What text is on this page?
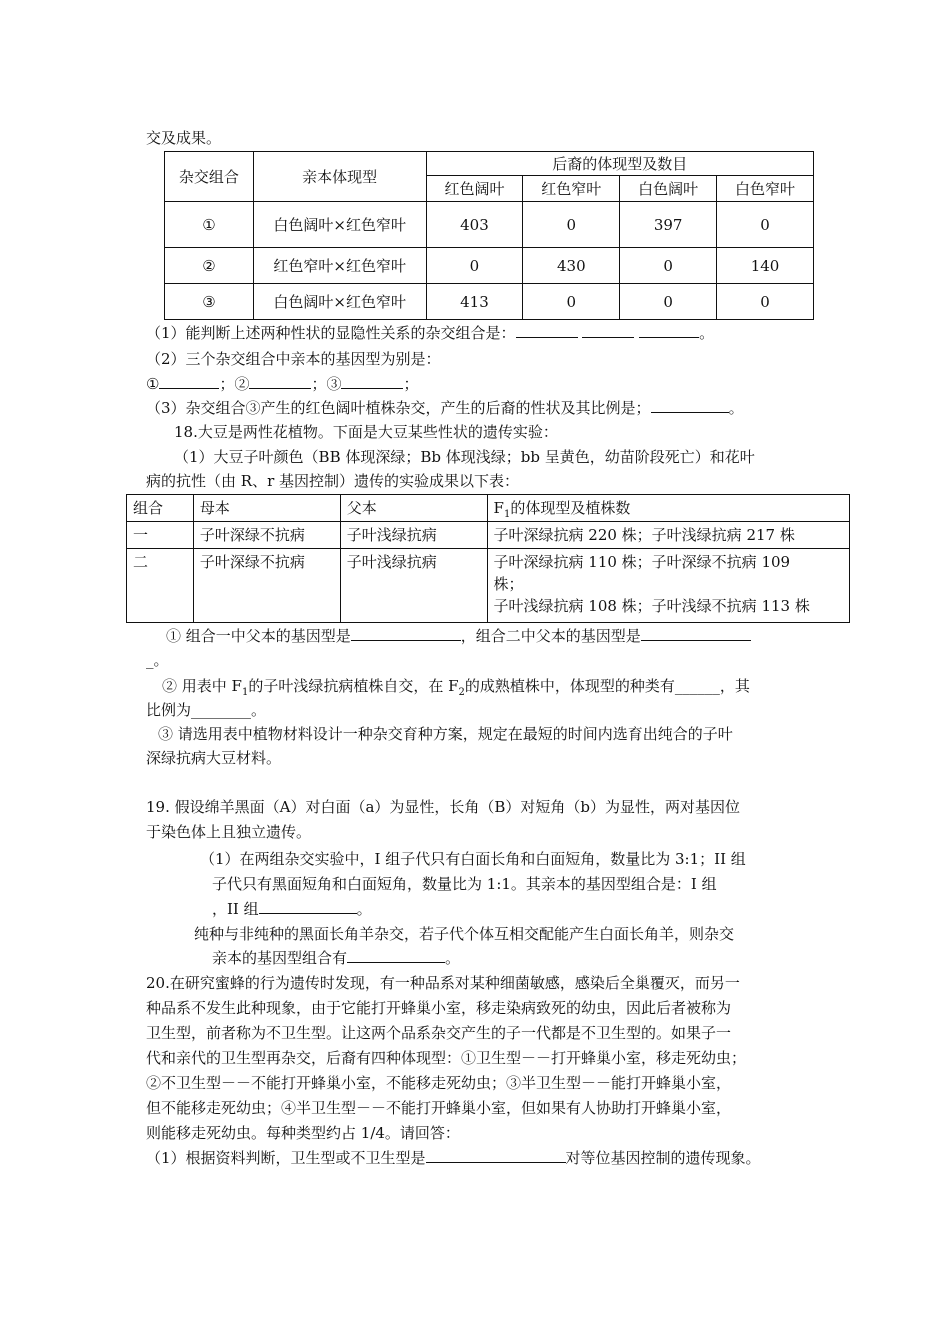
交及成果。
杂交组合	亲本体现型	后裔的体现型及数目			
		红色阔叶	红色窄叶	白色阔叶	白色窄叶
①	白色阔叶×红色窄叶	403	0	397	0
②	红色窄叶×红色窄叶	0	430	0	140
③	白色阔叶×红色窄叶	413	0	0	0
（1）能判断上述两种性状的显隐性关系的杂交组合是：	。
（2）三个杂交组合中亲本的基因型为别是：
①	；②	；③	；
（3）杂交组合③产生的红色阔叶植株杂交，产生的后裔的性状及其比例是；	。
18.大豆是两性花植物。下面是大豆某些性状的遗传实验：
（1）大豆子叶颜色（BB 体现深绿；Bb 体现浅绿；bb 呈黄色，幼苗阶段死亡）和花叶
病的抗性（由 R、r 基因控制）遗传的实验成果以下表：
组合	母本	父本	$F_1$的体现型及植株数
一	子叶深绿不抗病	子叶浅绿抗病	子叶深绿抗病 220 株；子叶浅绿抗病 217 株
二	子叶深绿不抗病	子叶浅绿抗病	子叶深绿抗病 110 株；子叶深绿不抗病 109
株；
子叶浅绿抗病 108 株；子叶浅绿不抗病 113 株
① 组合一中父本的基因型是	，组合二中父本的基因型是
_。
② 用表中 $F_1$的子叶浅绿抗病植株自交，在 $F_2$的成熟植株中，体现型的种类有______，其
比例为________。
③ 请选用表中植物材料设计一种杂交育种方案，规定在最短的时间内选育出纯合的子叶
深绿抗病大豆材料。
19. 假设绵羊黑面（A）对白面（a）为显性，长角（B）对短角（b）为显性，两对基因位
于染色体上且独立遗传。
（1）在两组杂交实验中，I 组子代只有白面长角和白面短角，数量比为 3:1；II 组
子代只有黑面短角和白面短角，数量比为 1:1。其亲本的基因型组合是：I 组
，II 组	。
纯种与非纯种的黑面长角羊杂交，若子代个体互相交配能产生白面长角羊，则杂交
亲本的基因型组合有	。
20.在研究蜜蜂的行为遗传时发现，有一种品系对某种细菌敏感，感染后全巢覆灭，而另一
种品系不发生此种现象，由于它能打开蜂巢小室，移走染病致死的幼虫，因此后者被称为
卫生型，前者称为不卫生型。让这两个品系杂交产生的子一代都是不卫生型的。如果子一
代和亲代的卫生型再杂交，后裔有四种体现型：①卫生型－－打开蜂巢小室，移走死幼虫；
②不卫生型－－不能打开蜂巢小室，不能移走死幼虫；③半卫生型－－能打开蜂巢小室，
但不能移走死幼虫；④半卫生型－－不能打开蜂巢小室，但如果有人协助打开蜂巢小室，
则能移走死幼虫。每种类型约占 1/4。请回答：
（1）根据资料判断，卫生型或不卫生型是	对等位基因控制的遗传现象。
